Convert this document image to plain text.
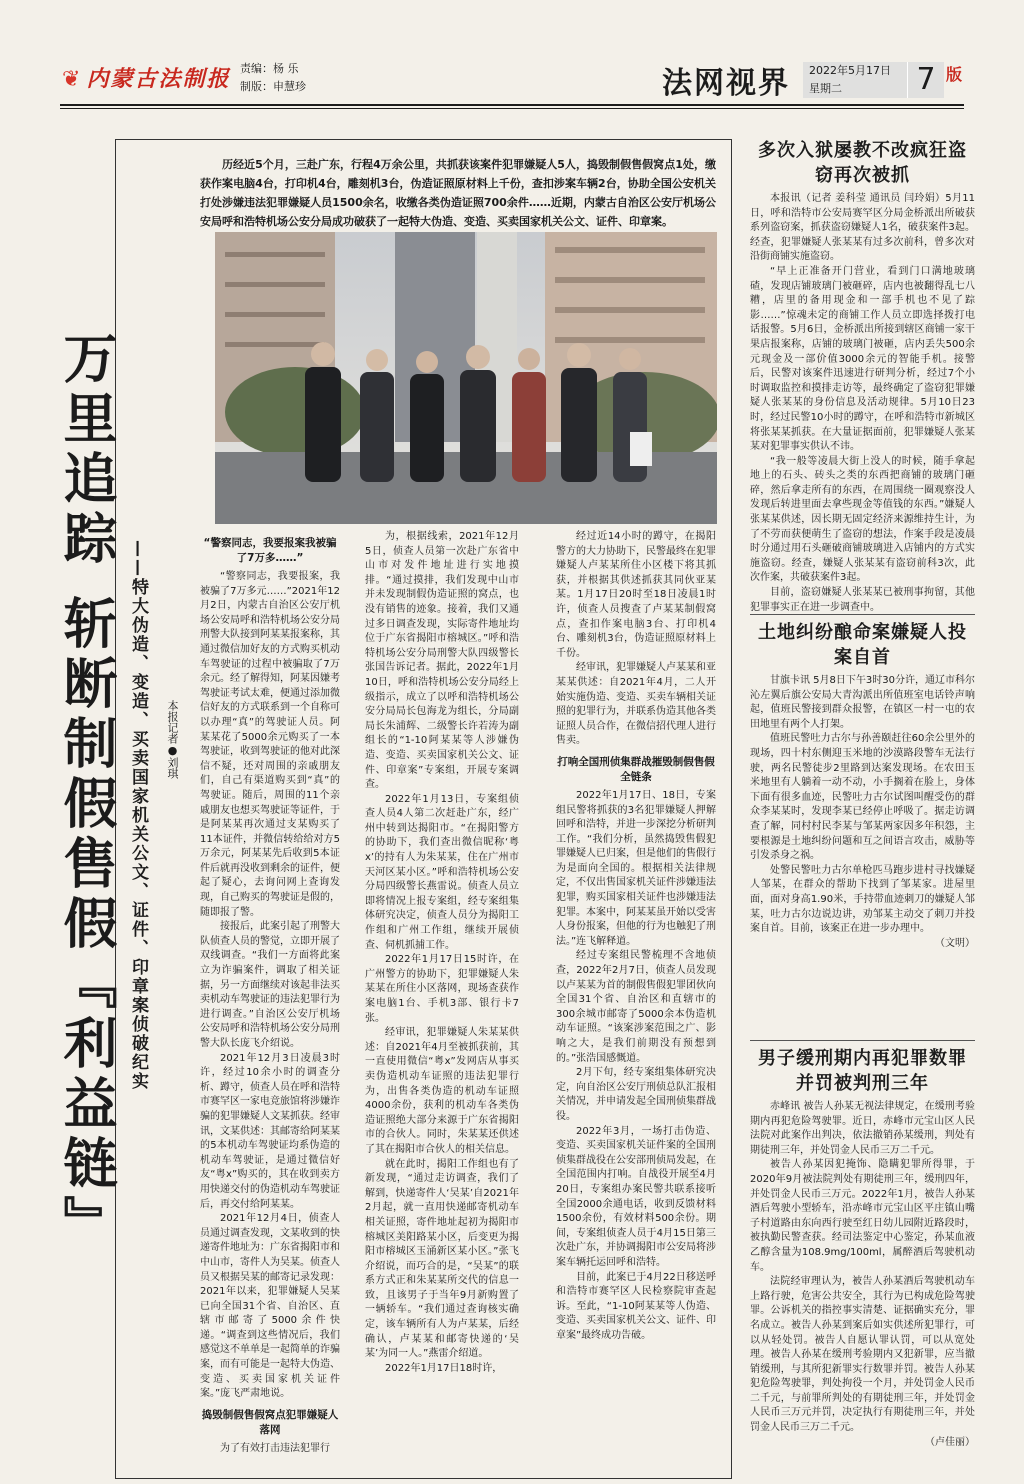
❦ 内蒙古法制报 责编：杨 乐
制版：申慧珍	法网视界 2022年5月17日
星期二	7 版
历经近5个月，三赴广东，行程4万余公里，共抓获该案件犯罪嫌疑人5人，捣毁制假售假窝点1处，缴获作案电脑4台，打印机4台，雕刻机3台，伪造证照原材料上千份，查扣涉案车辆2台，协助全国公安机关打处涉嫌违法犯罪嫌疑人员1500余名，收缴各类伪造证照700余件……近期，内蒙古自治区公安厅机场公安局呼和浩特机场公安分局成功破获了一起特大伪造、变造、买卖国家机关公文、证件、印章案。
万里追踪 斩断制假售假『利益链』 ——特大伪造、变造、买卖国家机关公文、证件、印章案侦破纪实 本报记者●刘琪

“警察同志，我要报案我被骗了7万多……”

“警察同志，我要报案，我被骗了7万多元……”2021年12月2日，内蒙古自治区公安厅机场公安局呼和浩特机场公安分局刑警大队接到阿某某报案称，其通过微信加好友的方式购买机动车驾驶证的过程中被骗取了7万余元。经了解得知，阿某因嫌考驾驶证考试太难，便通过添加微信好友的方式联系到一个自称可以办理“真”的驾驶证人员。阿某某花了5000余元购买了一本驾驶证，收到驾驶证的他对此深信不疑，还对周围的亲戚朋友们，自己有渠道购买到“真”的驾驶证。随后，周围的11个亲戚朋友也想买驾驶证等证件，于是阿某某再次通过支某购买了11本证件，并微信转给给对方5万余元，阿某某先后收到5本证件后就再没收到剩余的证件，便起了疑心，去询问网上查询发现，自己购买的驾驶证是假的，随即报了警。

接报后，此案引起了刑警大队侦查人员的警觉，立即开展了双线调查。“我们一方面将此案立为诈骗案件，调取了相关证据，另一方面继续对该起非法买卖机动车驾驶证的违法犯罪行为进行调查。”自治区公安厅机场公安局呼和浩特机场公安分局刑警大队长庞飞介绍说。

2021年12月3日凌晨3时许，经过10余小时的调查分析、蹲守，侦查人员在呼和浩特市赛罕区一家电竞旅馆将涉嫌诈骗的犯罪嫌疑人文某抓获。经审讯，文某供述：其邮寄给阿某某的5本机动车驾驶证均系伪造的机动车驾驶证，是通过微信好友“粤x”购买的，其在收到卖方用快递交付的伪造机动车驾驶证后，再交付给阿某某。

2021年12月4日，侦查人员通过调查发现，文某收到的快递寄件地址为：广东省揭阳市和中山市，寄件人为吴某。侦查人员又根据吴某的邮寄记录发现：2021年以来，犯罪嫌疑人吴某已向全国31个省、自治区、直辖市邮寄了5000余件快递。“调查到这些情况后，我们感觉这不单单是一起简单的诈骗案，而有可能是一起特大伪造、变造、买卖国家机关证件案。”庞飞严肃地说。

捣毁制假售假窝点犯罪嫌疑人落网

为了有效打击违法犯罪行

为，根据线索，2021年12月5日，侦查人员第一次赴广东省中山市对发件地址进行实地摸排。“通过摸排，我们发现中山市并未发现制假伪造证照的窝点，也没有销售的迹象。接着，我们又通过多日调查发现，实际寄件地址均位于广东省揭阳市榕城区。”呼和浩特机场公安分局刑警大队四级警长张国告诉记者。据此，2022年1月10日，呼和浩特机场公安分局经上级指示，成立了以呼和浩特机场公安分局局长包海龙为组长，分局副局长朱浦辉、二级警长许若涛为副组长的“1-10阿某某等人涉嫌伪造、变造、买卖国家机关公文、证件、印章案”专案组，开展专案调查。

2022年1月13日，专案组侦查人员4人第二次赶赴广东，经广州中转到达揭阳市。“在揭阳警方的协助下，我们查出微信昵称‘粤x’的持有人为朱某某，住在广州市天河区某小区。”呼和浩特机场公安分局四级警长燕雷说。侦查人员立即将情况上报专案组，经专案组集体研究决定，侦查人员分为揭阳工作组和广州工作组，继续开展侦查、伺机抓捕工作。

2022年1月17日15时许，在广州警方的协助下，犯罪嫌疑人朱某某在所住小区落网，现场查获作案电脑1台、手机3部、银行卡7张。

经审讯，犯罪嫌疑人朱某某供述：自2021年4月至被抓获前，其一直使用微信“粤x”发网店从事买卖伪造机动车证照的违法犯罪行为，出售各类伪造的机动车证照4000余份，获利的机动车各类伪造证照绝大部分来源于广东省揭阳市的合伙人。同时，朱某某还供述了其在揭阳市合伙人的相关信息。

就在此时，揭阳工作组也有了新发现，“通过走访调查，我们了解到，快递寄件人‘吴某’自2021年2月起，就一直用快递邮寄机动车相关证照，寄件地址起初为揭阳市榕城区美阳路某小区，后变更为揭阳市榕城区玉涌新区某小区。”张飞介绍说，而巧合的是，“吴某”的联系方式正和朱某某所交代的信息一致，且该男子于当年9月新购置了一辆轿车。“我们通过查询核实确定，该车辆所有人为卢某某，后经确认，卢某某和邮寄快递的‘吴某’为同一人。”燕雷介绍道。

2022年1月17日18时许，

经过近14小时的蹲守，在揭阳警方的大力协助下，民警最终在犯罪嫌疑人卢某某所住小区楼下将其抓获，并根据其供述抓获其同伙亚某某。1月17日20时至18日凌晨1时许，侦查人员搜查了卢某某制假窝点，查扣作案电脑3台、打印机4台、雕刻机3台，伪造证照原材料上千份。

经审讯，犯罪嫌疑人卢某某和亚某某供述：自2021年4月，二人开始实施伪造、变造、买卖车辆相关证照的犯罪行为，并联系伪造其他各类证照人员合作，在微信招代理人进行售卖。

打响全国刑侦集群战摧毁制假售假全链条

2022年1月17日、18日，专案组民警将抓获的3名犯罪嫌疑人押解回呼和浩特，并进一步深挖分析研判工作。“我们分析，虽然捣毁售假犯罪嫌疑人已归案，但是他们的售假行为是面向全国的。根据相关法律规定，不仅出售国家机关证件涉嫌违法犯罪，购买国家相关证件也涉嫌违法犯罪。本案中，阿某某虽开始以受害人身份报案，但他的行为也触犯了刑法。”连飞解释道。

经过专案组民警梳理不含地侦查，2022年2月7日，侦查人员发现以卢某某为首的制假售假犯罪团伙向全国31个省、自治区和直辖市的300余城市邮寄了5000余本伪造机动车证照。“该案涉案范围之广、影响之大，是我们前期没有预想到的。”张浩国感慨道。

2月下旬，经专案组集体研究决定，向自治区公安厅刑侦总队汇报相关情况，并申请发起全国刑侦集群战役。

2022年3月，一场打击伪造、变造、买卖国家机关证件案的全国刑侦集群战役在公安部刑侦局发起，在全国范围内打响。自战役开展至4月20日，专案组办案民警共联系接听全国2000余通电话，收到反馈材料1500余份，有效材料500余份。期间，专案组侦查人员于4月15日第三次赴广东，并协调揭阳市公安局将涉案车辆托运回呼和浩特。

目前，此案已于4月22日移送呼和浩特市赛罕区人民检察院审查起诉。至此，“1-10阿某某等人伪造、变造、买卖国家机关公文、证件、印章案”最终成功告破。

多次入狱屡教不改疯狂盗窃再次被抓

本报讯（记者 姜科莹 通讯员 闫玲娟）5月11日，呼和浩特市公安局赛罕区分局金桥派出所破获系列盗窃案，抓获盗窃嫌疑人1名，破获案件3起。经查，犯罪嫌疑人张某某有过多次前科，曾多次对沿街商铺实施盗窃。

“早上正准备开门营业，看到门口满地玻璃碴，发现店铺玻璃门被砸碎，店内也被翻得乱七八糟，店里的备用现金和一部手机也不见了踪影……”惊魂未定的商铺工作人员立即选择拨打电话报警。5月6日，金桥派出所接到辖区商铺一家干果店报案称，店铺的玻璃门被砸，店内丢失500余元现金及一部价值3000余元的智能手机。接警后，民警对该案件迅速进行研判分析，经过7个小时调取监控和摸排走访等，最终确定了盗窃犯罪嫌疑人张某某的身份信息及活动规律。5月10日23时，经过民警10小时的蹲守，在呼和浩特市新城区将张某某抓获。在大量证据面前，犯罪嫌疑人张某某对犯罪事实供认不讳。

“我一般等凌晨大街上没人的时候，随手拿起地上的石头、砖头之类的东西把商铺的玻璃门砸碎，然后拿走所有的东西，在周围绕一圈观察没人发现后转进里面去拿些现金等值钱的东西。”嫌疑人张某某供述，因长期无固定经济来源维持生计，为了不劳而获便萌生了盗窃的想法，作案手段是凌晨时分通过用石头砸破商铺玻璃进入店铺内的方式实施盗窃。经查，嫌疑人张某某有盗窃前科3次，此次作案，共破获案件3起。

目前，盗窃嫌疑人张某某已被刑事拘留，其他犯罪事实正在进一步调查中。

土地纠纷酿命案嫌疑人投案自首

甘旗卡讯 5月8日下午3时30分许，通辽市科尔沁左翼后旗公安局大青沟派出所值班室电话铃声响起，值班民警接到群众报警，在镇区一村一屯的农田地里有两个人打架。

值班民警吐力古尔与孙善颐赶往60余公里外的现场，四十村东侧迎玉米地的沙漠路段警车无法行驶，两名民警徒步2里路到达案发现场。在农田玉米地里有人躺着一动不动，小手搁着在脸上，身体下面有很多血迹，民警吐力古尔试图叫醒受伤的群众李某某时，发现李某已经停止呼吸了。据走访调查了解，同村村民李某与邹某两家因多年积怨，主要根源是土地纠纷问题和互之间语言攻击，威胁等引发杀身之祸。

处警民警吐力古尔单枪匹马跑步进村寻找嫌疑人邹某，在群众的帮助下找到了邹某家。进屋里面，面对身高1.90米，手持带血迹刺刀的嫌疑人邹某，吐力古尔边说边讲，劝邹某主动交了刺刀并投案自首。目前，该案正在进一步办理中。

（文明）

男子缓刑期内再犯罪数罪并罚被判刑三年

赤峰讯 被告人孙某无视法律规定，在缓刑考验期内再犯危险驾驶罪。近日，赤峰市元宝山区人民法院对此案作出判决，依法撤销孙某缓刑，判处有期徒刑三年，并处罚金人民币三万二千元。

被告人孙某因犯掩饰、隐瞒犯罪所得罪，于2020年9月被法院判处有期徒刑三年，缓刑四年，并处罚金人民币三万元。2022年1月，被告人孙某酒后驾驶小型轿车，沿赤峰市元宝山区平庄镇山嘴子村道路由东向西行驶至红日幼儿园附近路段时，被执勤民警查获。经司法鉴定中心鉴定，孙某血液乙醇含量为108.9mg/100ml，属醉酒后驾驶机动车。

法院经审理认为，被告人孙某酒后驾驶机动车上路行驶，危害公共安全，其行为已构成危险驾驶罪。公诉机关的指控事实清楚、证据确实充分，罪名成立。被告人孙某到案后如实供述所犯罪行，可以从轻处罚。被告人自愿认罪认罚，可以从宽处理。被告人孙某在缓刑考验期内又犯新罪，应当撤销缓刑，与其所犯新罪实行数罪并罚。被告人孙某犯危险驾驶罪，判处拘役一个月，并处罚金人民币二千元，与前罪所判处的有期徒刑三年，并处罚金人民币三万元并罚，决定执行有期徒刑三年，并处罚金人民币三万二千元。

（卢佳丽）
